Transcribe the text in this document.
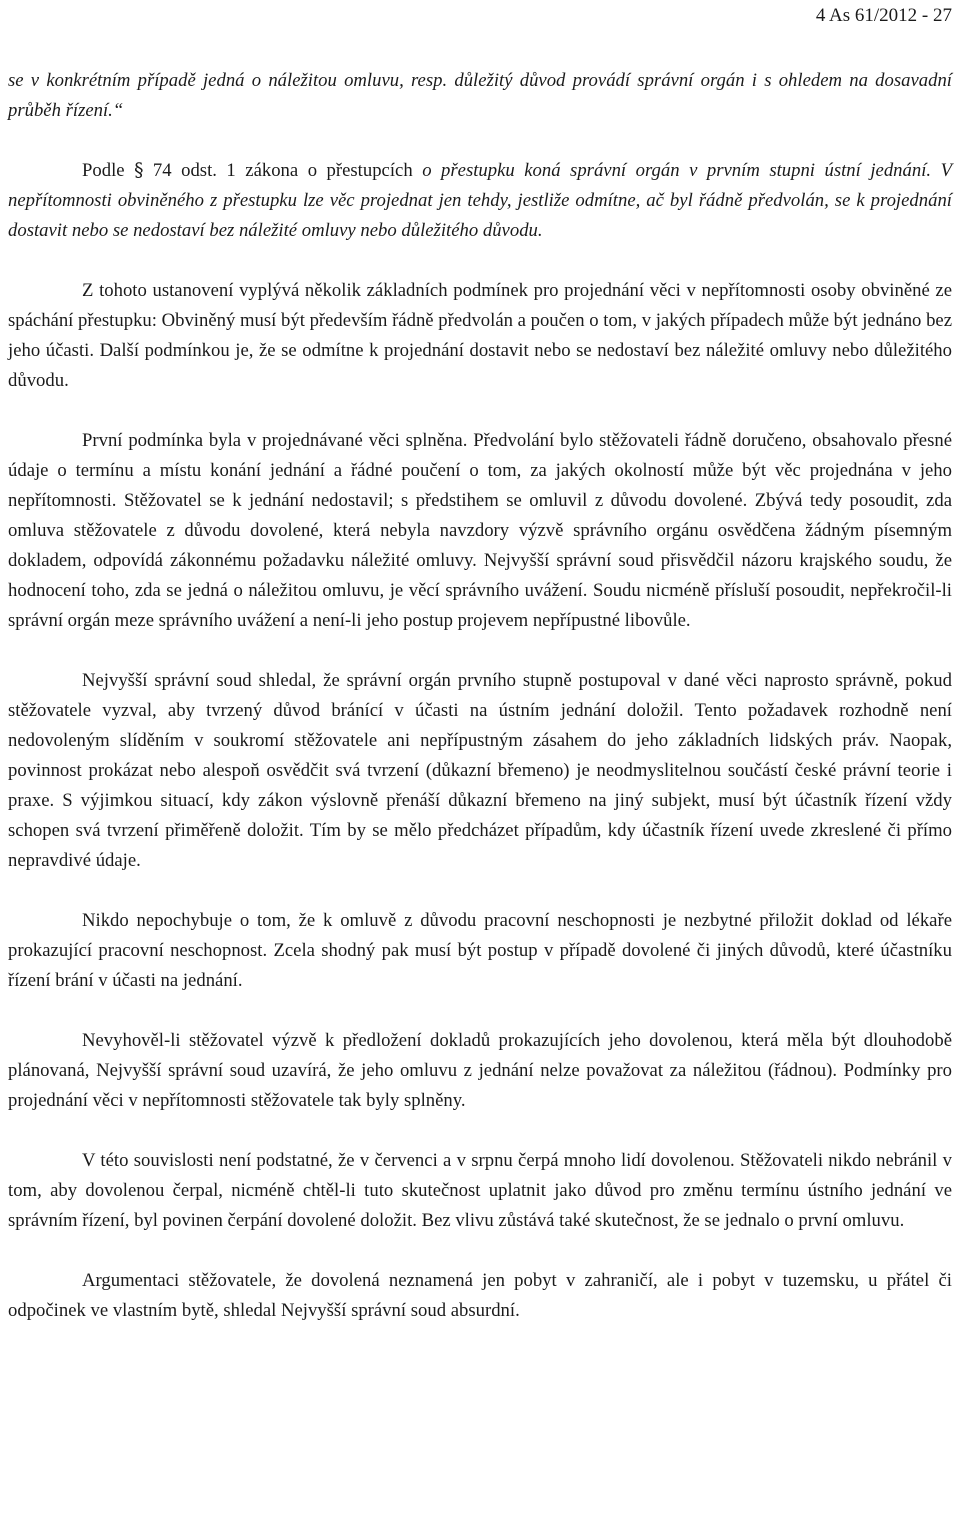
4 As 61/2012 - 27

se v konkrétním případě jedná o náležitou omluvu, resp. důležitý důvod provádí správní orgán i s ohledem na dosavadní průběh řízení.“

Podle § 74 odst. 1 zákona o přestupcích o přestupku koná správní orgán v prvním stupni ústní jednání. V nepřítomnosti obviněného z přestupku lze věc projednat jen tehdy, jestliže odmítne, ač byl řádně předvolán, se k projednání dostavit nebo se nedostaví bez náležité omluvy nebo důležitého důvodu.

Z tohoto ustanovení vyplývá několik základních podmínek pro projednání věci v nepřítomnosti osoby obviněné ze spáchání přestupku: Obviněný musí být především řádně předvolán a poučen o tom, v jakých případech může být jednáno bez jeho účasti. Další podmínkou je, že se odmítne k projednání dostavit nebo se nedostaví bez náležité omluvy nebo důležitého důvodu.

První podmínka byla v projednávané věci splněna. Předvolání bylo stěžovateli řádně doručeno, obsahovalo přesné údaje o termínu a místu konání jednání a řádné poučení o tom, za jakých okolností může být věc projednána v jeho nepřítomnosti. Stěžovatel se k jednání nedostavil; s předstihem se omluvil z důvodu dovolené. Zbývá tedy posoudit, zda omluva stěžovatele z důvodu dovolené, která nebyla navzdory výzvě správního orgánu osvědčena žádným písemným dokladem, odpovídá zákonnému požadavku náležité omluvy. Nejvyšší správní soud přisvědčil názoru krajského soudu, že hodnocení toho, zda se jedná o náležitou omluvu, je věcí správního uvážení. Soudu nicméně přísluší posoudit, nepřekročil-li správní orgán meze správního uvážení a není-li jeho postup projevem nepřípustné libovůle.

Nejvyšší správní soud shledal, že správní orgán prvního stupně postupoval v dané věci naprosto správně, pokud stěžovatele vyzval, aby tvrzený důvod bránící v účasti na ústním jednání doložil. Tento požadavek rozhodně není nedovoleným slíděním v soukromí stěžovatele ani nepřípustným zásahem do jeho základních lidských práv. Naopak, povinnost prokázat nebo alespoň osvědčit svá tvrzení (důkazní břemeno) je neodmyslitelnou součástí české právní teorie i praxe. S výjimkou situací, kdy zákon výslovně přenáší důkazní břemeno na jiný subjekt, musí být účastník řízení vždy schopen svá tvrzení přiměřeně doložit. Tím by se mělo předcházet případům, kdy účastník řízení uvede zkreslené či přímo nepravdivé údaje.

Nikdo nepochybuje o tom, že k omluvě z důvodu pracovní neschopnosti je nezbytné přiložit doklad od lékaře prokazující pracovní neschopnost. Zcela shodný pak musí být postup v případě dovolené či jiných důvodů, které účastníku řízení brání v účasti na jednání.

Nevyhověl-li stěžovatel výzvě k předložení dokladů prokazujících jeho dovolenou, která měla být dlouhodobě plánovaná, Nejvyšší správní soud uzavírá, že jeho omluvu z jednání nelze považovat za náležitou (řádnou). Podmínky pro projednání věci v nepřítomnosti stěžovatele tak byly splněny.

V této souvislosti není podstatné, že v červenci a v srpnu čerpá mnoho lidí dovolenou. Stěžovateli nikdo nebránil v tom, aby dovolenou čerpal, nicméně chtěl-li tuto skutečnost uplatnit jako důvod pro změnu termínu ústního jednání ve správním řízení, byl povinen čerpání dovolené doložit. Bez vlivu zůstává také skutečnost, že se jednalo o první omluvu.

Argumentaci stěžovatele, že dovolená neznamená jen pobyt v zahraničí, ale i pobyt v tuzemsku, u přátel či odpočinek ve vlastním bytě, shledal Nejvyšší správní soud absurdní.
